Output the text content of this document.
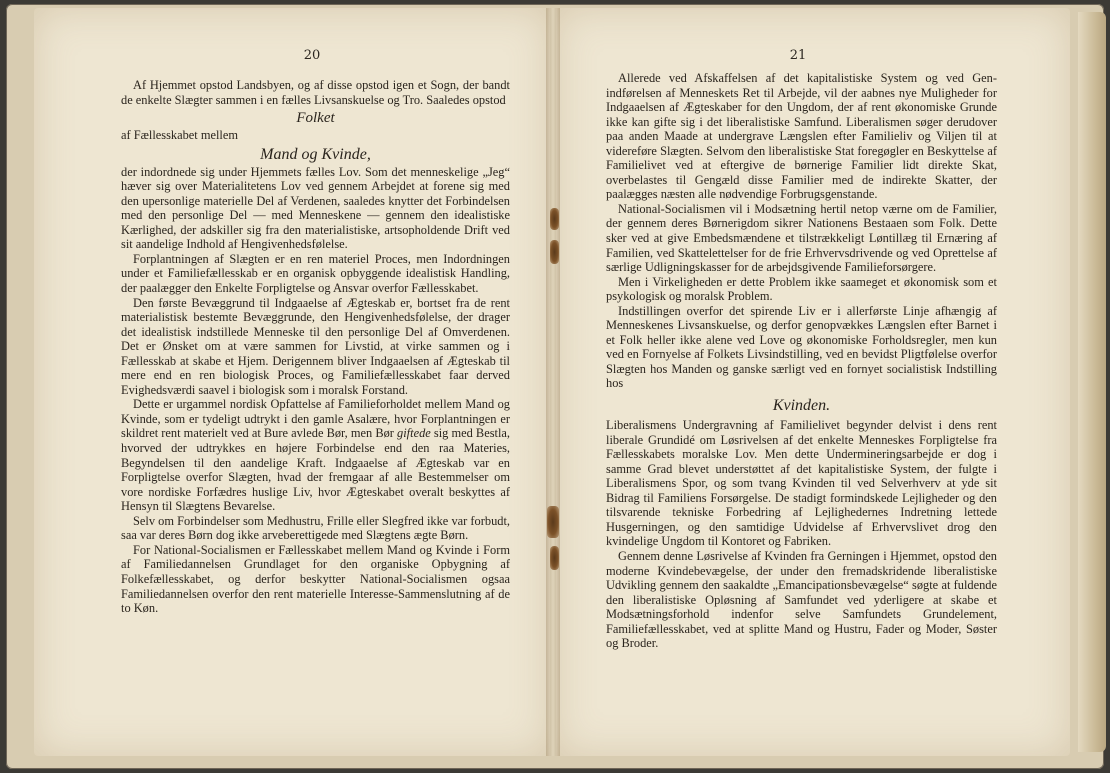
20	21

Af Hjemmet opstod Landsbyen, og af disse opstod igen et Sogn, der bandt de enkelte Slægter sammen i en fælles Livsanskuelse og Tro. Saaledes opstod

Folket

af Fællesskabet mellem

Mand og Kvinde,

der indordnede sig under Hjemmets fælles Lov. Som det menneskelige „Jeg“ hæver sig over Materialitetens Lov ved gennem Arbejdet at forene sig med den upersonlige materielle Del af Verdenen, saaledes knytter det Forbindelsen med den personlige Del — med Menneskene — gennem den idealistiske Kærlighed, der adskiller sig fra den materialistiske, artsopholdende Drift ved sit aandelige Indhold af Hengivenhedsfølelse.

Forplantningen af Slægten er en ren materiel Proces, men Indordningen under et Familiefællesskab er en organisk opbyggende idealistisk Handling, der paalægger den Enkelte Forpligtelse og Ansvar overfor Fællesskabet.

Den første Bevæggrund til Indgaaelse af Ægteskab er, bortset fra de rent materialistisk bestemte Bevæggrunde, den Hengivenhedsfølelse, der drager det idealistisk indstillede Menneske til den personlige Del af Omverdenen. Det er Ønsket om at være sammen for Livstid, at virke sammen og i Fællesskab at skabe et Hjem. Derigennem bliver Indgaaelsen af Ægteskab til mere end en ren biologisk Proces, og Familiefællesskabet faar derved Evighedsværdi saavel i biologisk som i moralsk Forstand.

Dette er urgammel nordisk Opfattelse af Familieforholdet mellem Mand og Kvinde, som er tydeligt udtrykt i den gamle Asalære, hvor Forplantningen er skildret rent materielt ved at Bure avlede Bør, men Bør giftede sig med Bestla, hvorved der udtrykkes en højere Forbindelse end den raa Materies, Begyndelsen til den aandelige Kraft. Indgaaelse af Ægteskab var en Forpligtelse overfor Slægten, hvad der fremgaar af alle Bestemmelser om vore nordiske Forfædres huslige Liv, hvor Ægteskabet overalt beskyttes af Hensyn til Slægtens Bevarelse.

Selv om Forbindelser som Medhustru, Frille eller Slegfred ikke var forbudt, saa var deres Børn dog ikke arveberettigede med Slægtens ægte Børn.

For National-Socialismen er Fællesskabet mellem Mand og Kvinde i Form af Familiedannelsen Grundlaget for den organiske Opbygning af Folkefællesskabet, og derfor beskytter National-Socialismen ogsaa Familiedannelsen overfor den rent materielle Interesse-Sammenslutning af de to Køn.

Allerede ved Afskaffelsen af det kapitalistiske System og ved Genindførelsen af Menneskets Ret til Arbejde, vil der aabnes nye Muligheder for Indgaaelsen af Ægteskaber for den Ungdom, der af rent økonomiske Grunde ikke kan gifte sig i det liberalistiske Samfund. Liberalismen søger derudover paa anden Maade at undergrave Længslen efter Familieliv og Viljen til at videreføre Slægten. Selvom den liberalistiske Stat foregøgler en Beskyttelse af Familielivet ved at eftergive de børnerige Familier lidt direkte Skat, overbelastes til Gengæld disse Familier med de indirekte Skatter, der paalægges næsten alle nødvendige Forbrugsgenstande.

National-Socialismen vil i Modsætning hertil netop værne om de Familier, der gennem deres Børnerigdom sikrer Nationens Bestaaen som Folk. Dette sker ved at give Embedsmændene et tilstrækkeligt Løntillæg til Ernæring af Familien, ved Skattelettelser for de frie Erhvervsdrivende og ved Oprettelse af særlige Udligningskasser for de arbejdsgivende Familieforsørgere.

Men i Virkeligheden er dette Problem ikke saameget et økonomisk som et psykologisk og moralsk Problem.

Indstillingen overfor det spirende Liv er i allerførste Linje afhængig af Menneskenes Livsanskuelse, og derfor genopvækkes Længslen efter Barnet i et Folk heller ikke alene ved Love og økonomiske Forholdsregler, men kun ved en Fornyelse af Folkets Livsindstilling, ved en bevidst Pligtfølelse overfor Slægten hos Manden og ganske særligt ved en fornyet socialistisk Indstilling hos

Kvinden.

Liberalismens Undergravning af Familielivet begynder delvist i dens rent liberale Grundidé om Løsrivelsen af det enkelte Menneskes Forpligtelse fra Fællesskabets moralske Lov. Men dette Undermineringsarbejde er dog i samme Grad blevet understøttet af det kapitalistiske System, der fulgte i Liberalismens Spor, og som tvang Kvinden til ved Selverhverv at yde sit Bidrag til Familiens Forsørgelse. De stadigt formindskede Lejligheder og den tilsvarende tekniske Forbedring af Lejlighedernes Indretning lettede Husgerningen, og den samtidige Udvidelse af Erhvervslivet drog den kvindelige Ungdom til Kontoret og Fabriken.

Gennem denne Løsrivelse af Kvinden fra Gerningen i Hjemmet, opstod den moderne Kvindebevægelse, der under den fremadskridende liberalistiske Udvikling gennem den saakaldte „Emancipationsbevægelse“ søgte at fuldende den liberalistiske Opløsning af Samfundet ved yderligere at skabe et Modsætningsforhold indenfor selve Samfundets Grundelement, Familiefællesskabet, ved at splitte Mand og Hustru, Fader og Moder, Søster og Broder.
